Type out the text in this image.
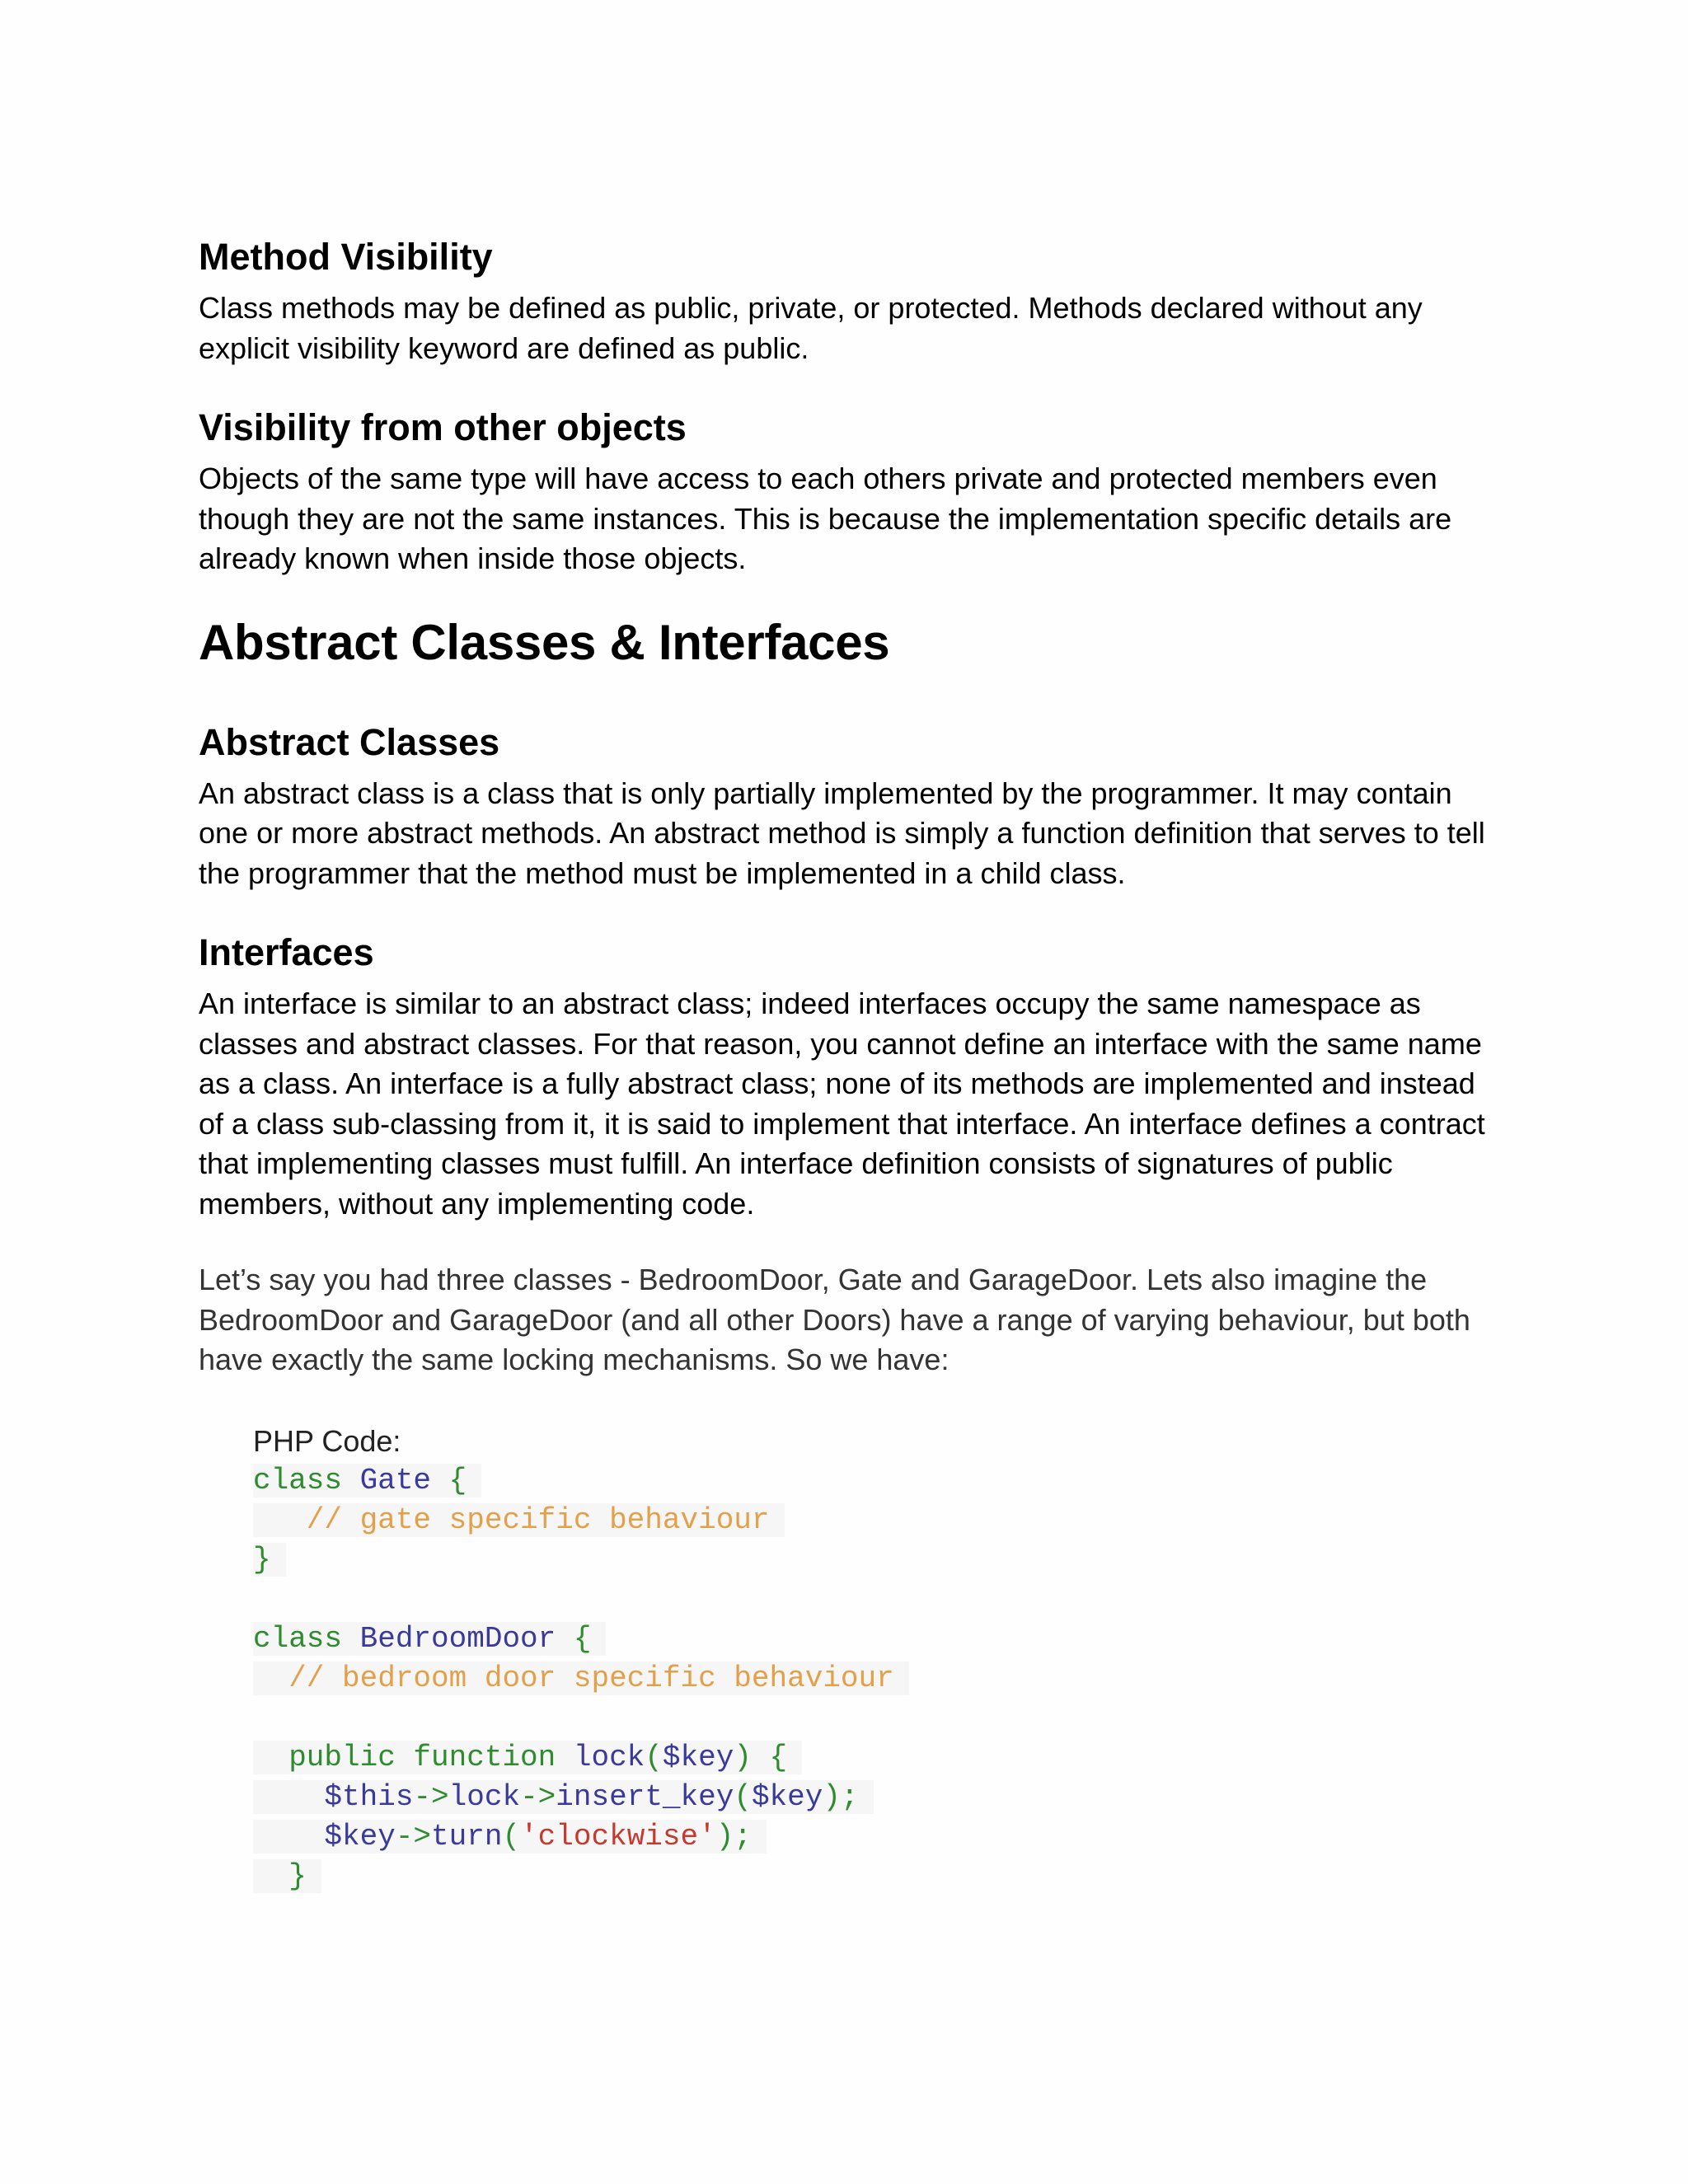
Method Visibility

Class methods may be defined as public, private, or protected. Methods declared without any explicit visibility keyword are defined as public.

Visibility from other objects

Objects of the same type will have access to each others private and protected members even though they are not the same instances. This is because the implementation specific details are already known when inside those objects.

Abstract Classes & Interfaces
Abstract Classes

An abstract class is a class that is only partially implemented by the programmer. It may contain one or more abstract methods. An abstract method is simply a function definition that serves to tell the programmer that the method must be implemented in a child class.

Interfaces

An interface is similar to an abstract class; indeed interfaces occupy the same namespace as classes and abstract classes. For that reason, you cannot define an interface with the same name as a class. An interface is a fully abstract class; none of its methods are implemented and instead of a class sub-classing from it, it is said to implement that interface. An interface defines a contract that implementing classes must fulfill. An interface definition consists of signatures of public members, without any implementing code.

Let’s say you had three classes - BedroomDoor, Gate and GarageDoor. Lets also imagine the BedroomDoor and GarageDoor (and all other Doors) have a range of varying behaviour, but both have exactly the same locking mechanisms. So we have:

PHP Code:
class Gate {
// gate specific behaviour
}
class BedroomDoor {
// bedroom door specific behaviour
public function lock($key) {
$this->lock->insert_key($key);
$key->turn('clockwise');
}
